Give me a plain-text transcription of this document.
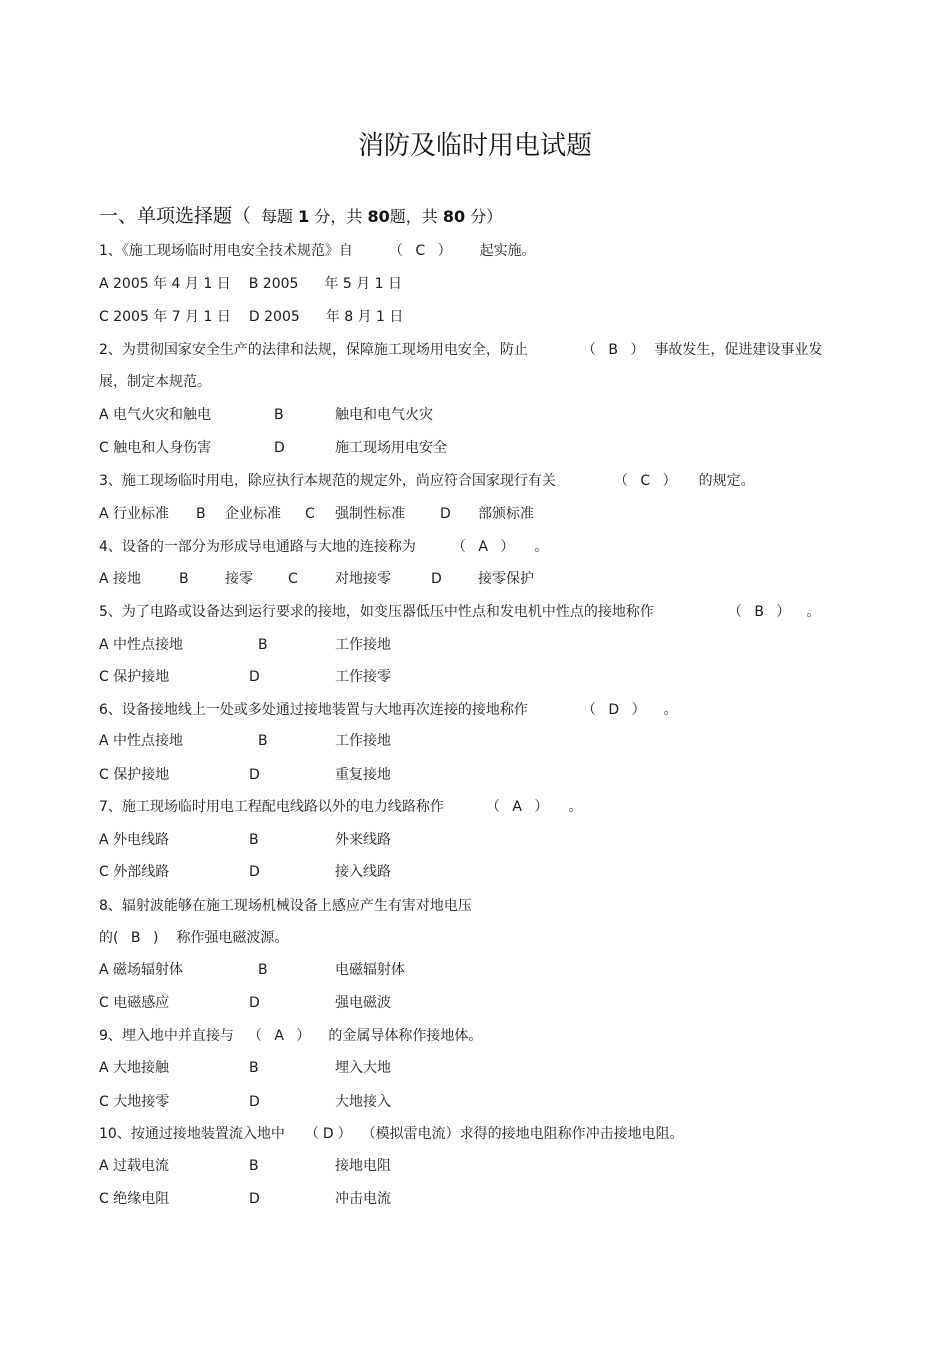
消防及临时用电试题
一、单项选择题（ 每题 1 分，共 80题，共 80 分）
1、《施工现场临时用电安全技术规范》自	（ C ） 起实施。
A 2005 年 4 月 1 日 B 2005 年 5 月 1 日
C 2005 年 7 月 1 日 D 2005 年 8 月 1 日
2、为贯彻国家安全生产的法律和法规，保障施工现场用电安全，防止	（ B ） 事故发生，促进建设事业发
展，制定本规范。
A 电气火灾和触电	B	触电和电气火灾
C 触电和人身伤害	D	施工现场用电安全
3、施工现场临时用电，除应执行本规范的规定外，尚应符合国家现行有关	（ C ） 的规定。
A 行业标准 B 企业标准 C 强制性标准	D 部颁标准
4、设备的一部分为形成导电通路与大地的连接称为	（ A ） 。
A 接地	B	接零	C	对地接零	D	接零保护
5、为了电路或设备达到运行要求的接地，如变压器低压中性点和发电机中性点的接地称作	（ B ） 。
A 中性点接地	B	工作接地
C 保护接地	D	工作接零
6、设备接地线上一处或多处通过接地装置与大地再次连接的接地称作	（ D ） 。
A 中性点接地	B	工作接地
C 保护接地	D	重复接地
7、施工现场临时用电工程配电线路以外的电力线路称作	（ A ） 。
A 外电线路	B	外来线路
C 外部线路	D	接入线路
8、辐射波能够在施工现场机械设备上感应产生有害对地电压
的( B ) 称作强电磁波源。
A 磁场辐射体	B	电磁辐射体
C 电磁感应	D	强电磁波
9、埋入地中并直接与 （ A ） 的金属导体称作接地体。
A 大地接触	B	埋入大地
C 大地接零	D	大地接入
10、按通过接地装置流入地中 （D） （模拟雷电流）求得的接地电阻称作冲击接地电阻。
A 过载电流	B	接地电阻
C 绝缘电阻	D	冲击电流
